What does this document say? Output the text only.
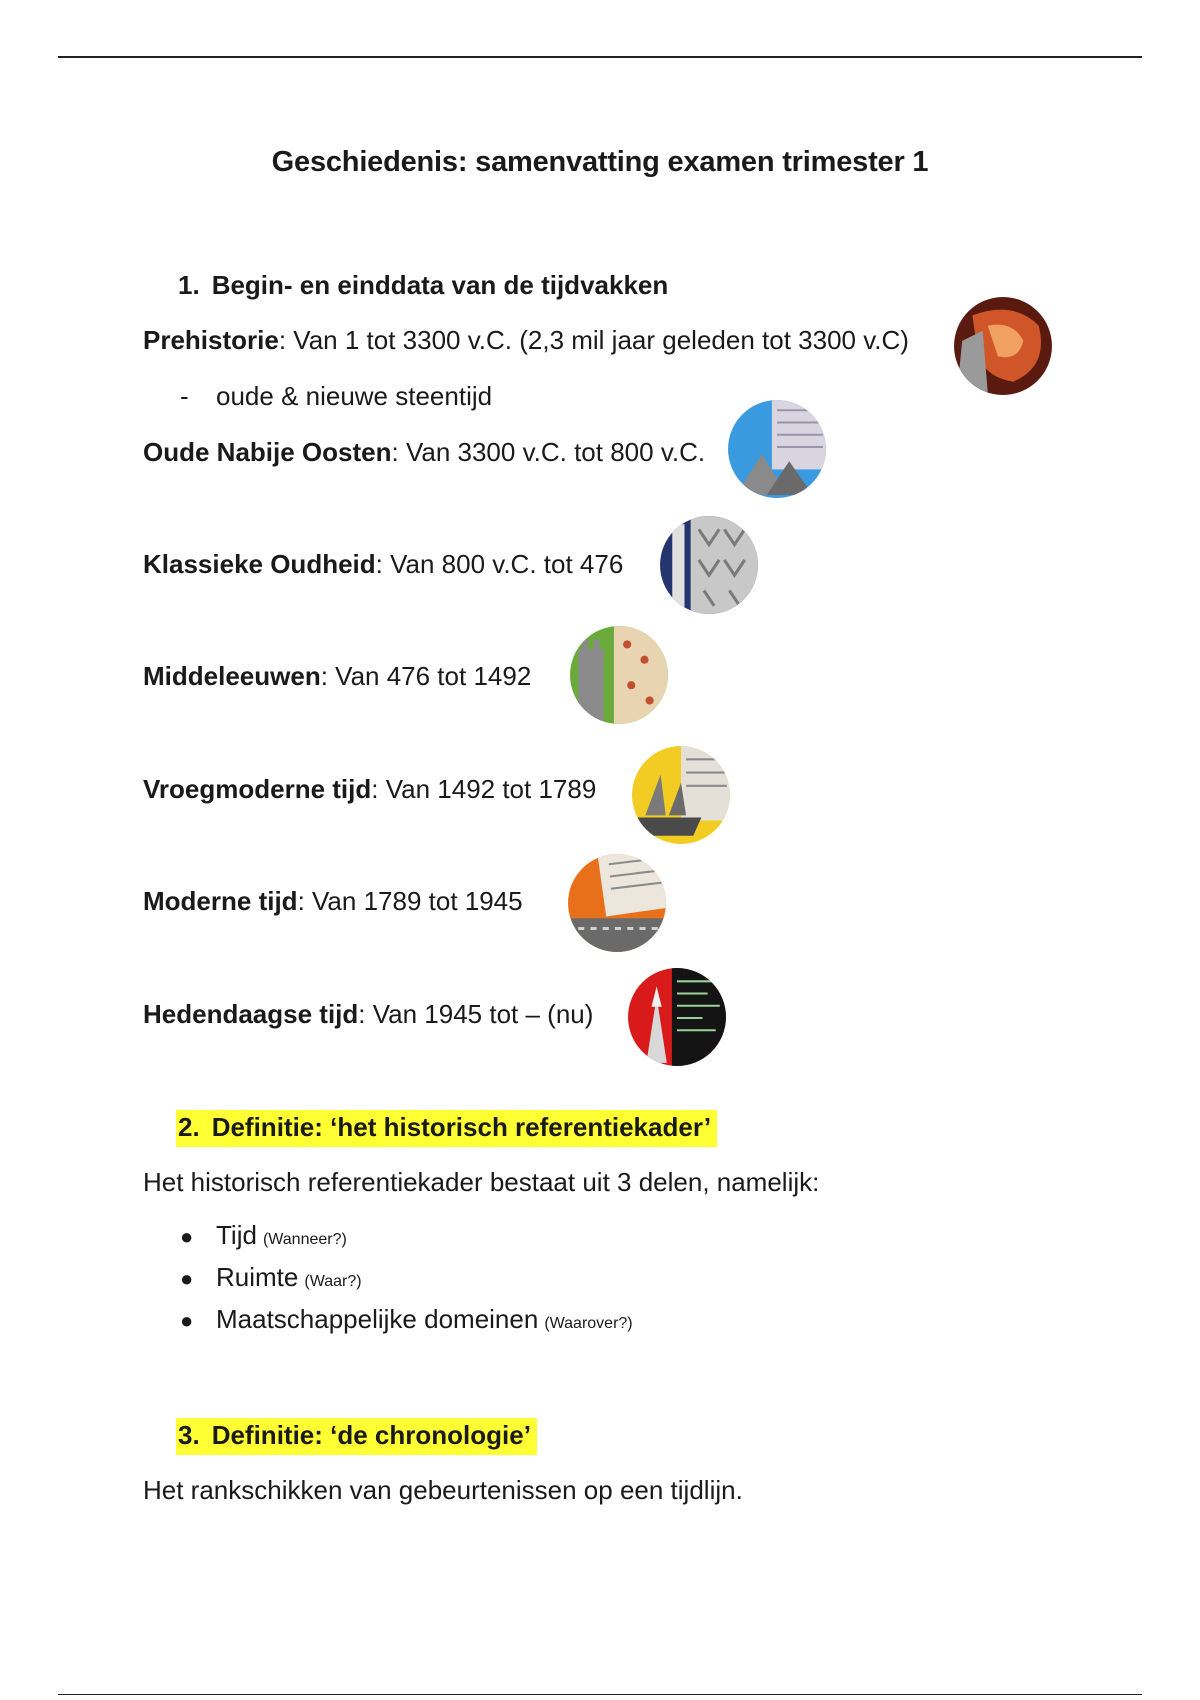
Geschiedenis: samenvatting examen trimester 1
1. Begin- en einddata van de tijdvakken
Prehistorie: Van 1 tot 3300 v.C. (2,3 mil jaar geleden tot 3300 v.C)
-	oude & nieuwe steentijd
Oude Nabije Oosten: Van 3300 v.C. tot 800 v.C.
Klassieke Oudheid: Van 800 v.C. tot 476
Middeleeuwen: Van 476 tot 1492
Vroegmoderne tijd: Van 1492 tot 1789
Moderne tijd: Van 1789 tot 1945
Hedendaagse tijd: Van 1945 tot – (nu)
2. Definitie: ‘het historisch referentiekader’
Het historisch referentiekader bestaat uit 3 delen, namelijk:
● Tijd (Wanneer?)
● Ruimte (Waar?)
● Maatschappelijke domeinen (Waarover?)
3. Definitie: ‘de chronologie’
Het rankschikken van gebeurtenissen op een tijdlijn.
